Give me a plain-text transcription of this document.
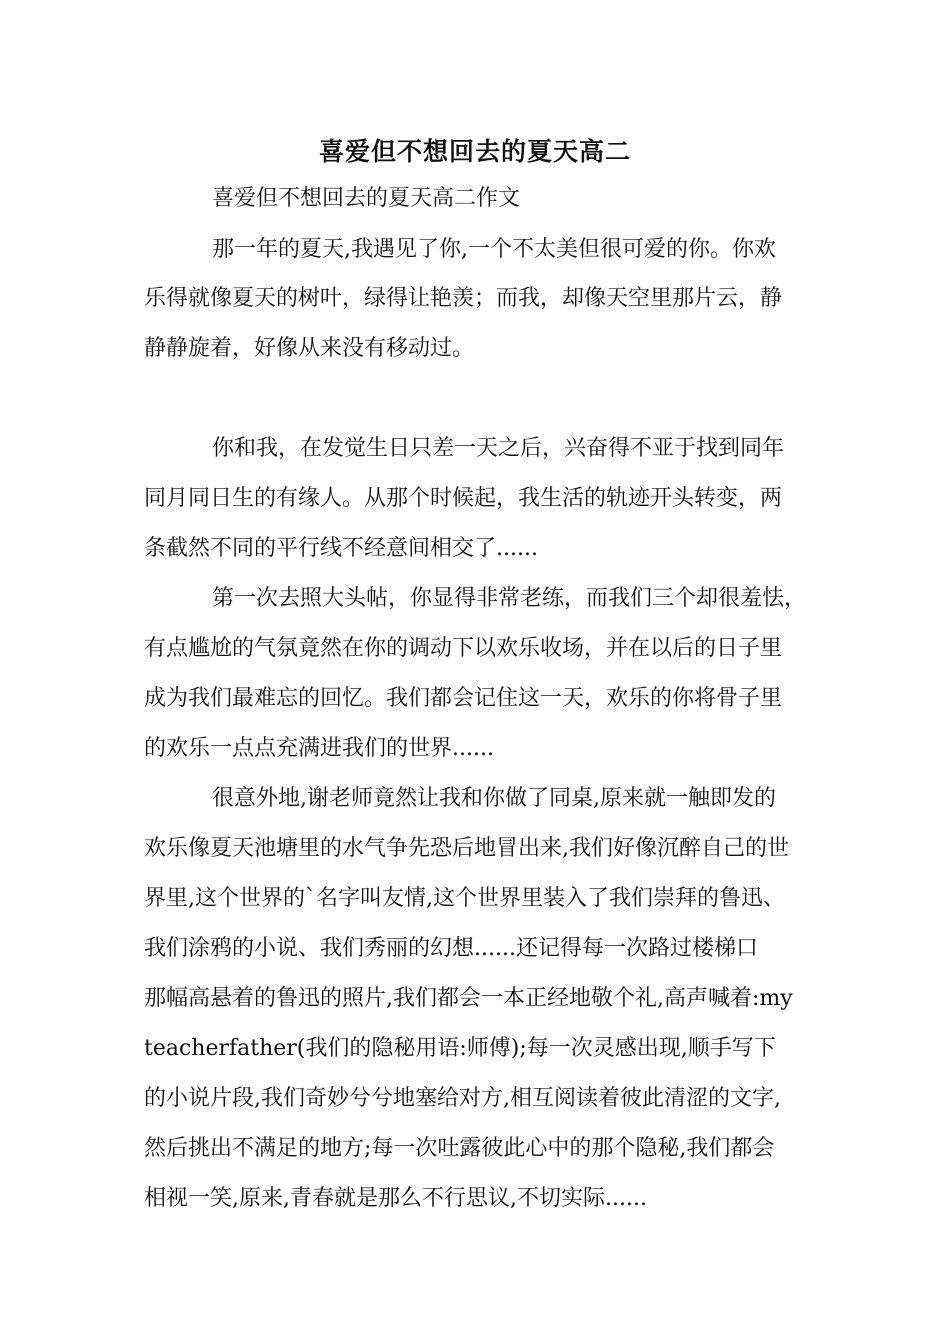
喜爱但不想回去的夏天高二
喜爱但不想回去的夏天高二作文
那一年的夏天,我遇见了你,一个不太美但很可爱的你。你欢
乐得就像夏天的树叶，绿得让艳羡；而我，却像天空里那片云，静
静静旋着，好像从来没有移动过。
你和我，在发觉生日只差一天之后，兴奋得不亚于找到同年
同月同日生的有缘人。从那个时候起，我生活的轨迹开头转变，两
条截然不同的平行线不经意间相交了......
第一次去照大头帖，你显得非常老练，而我们三个却很羞怯，
有点尴尬的气氛竟然在你的调动下以欢乐收场，并在以后的日子里
成为我们最难忘的回忆。我们都会记住这一天，欢乐的你将骨子里
的欢乐一点点充满进我们的世界......
很意外地,谢老师竟然让我和你做了同桌,原来就一触即发的
欢乐像夏天池塘里的水气争先恐后地冒出来,我们好像沉醉自己的世
界里,这个世界的`名字叫友情,这个世界里装入了我们崇拜的鲁迅、
我们涂鸦的小说、我们秀丽的幻想......还记得每一次路过楼梯口
那幅高悬着的鲁迅的照片,我们都会一本正经地敬个礼,高声喊着:my
teacherfather(我们的隐秘用语:师傅);每一次灵感出现,顺手写下
的小说片段,我们奇妙兮兮地塞给对方,相互阅读着彼此清涩的文字,
然后挑出不满足的地方;每一次吐露彼此心中的那个隐秘,我们都会
相视一笑,原来,青春就是那么不行思议,不切实际......
